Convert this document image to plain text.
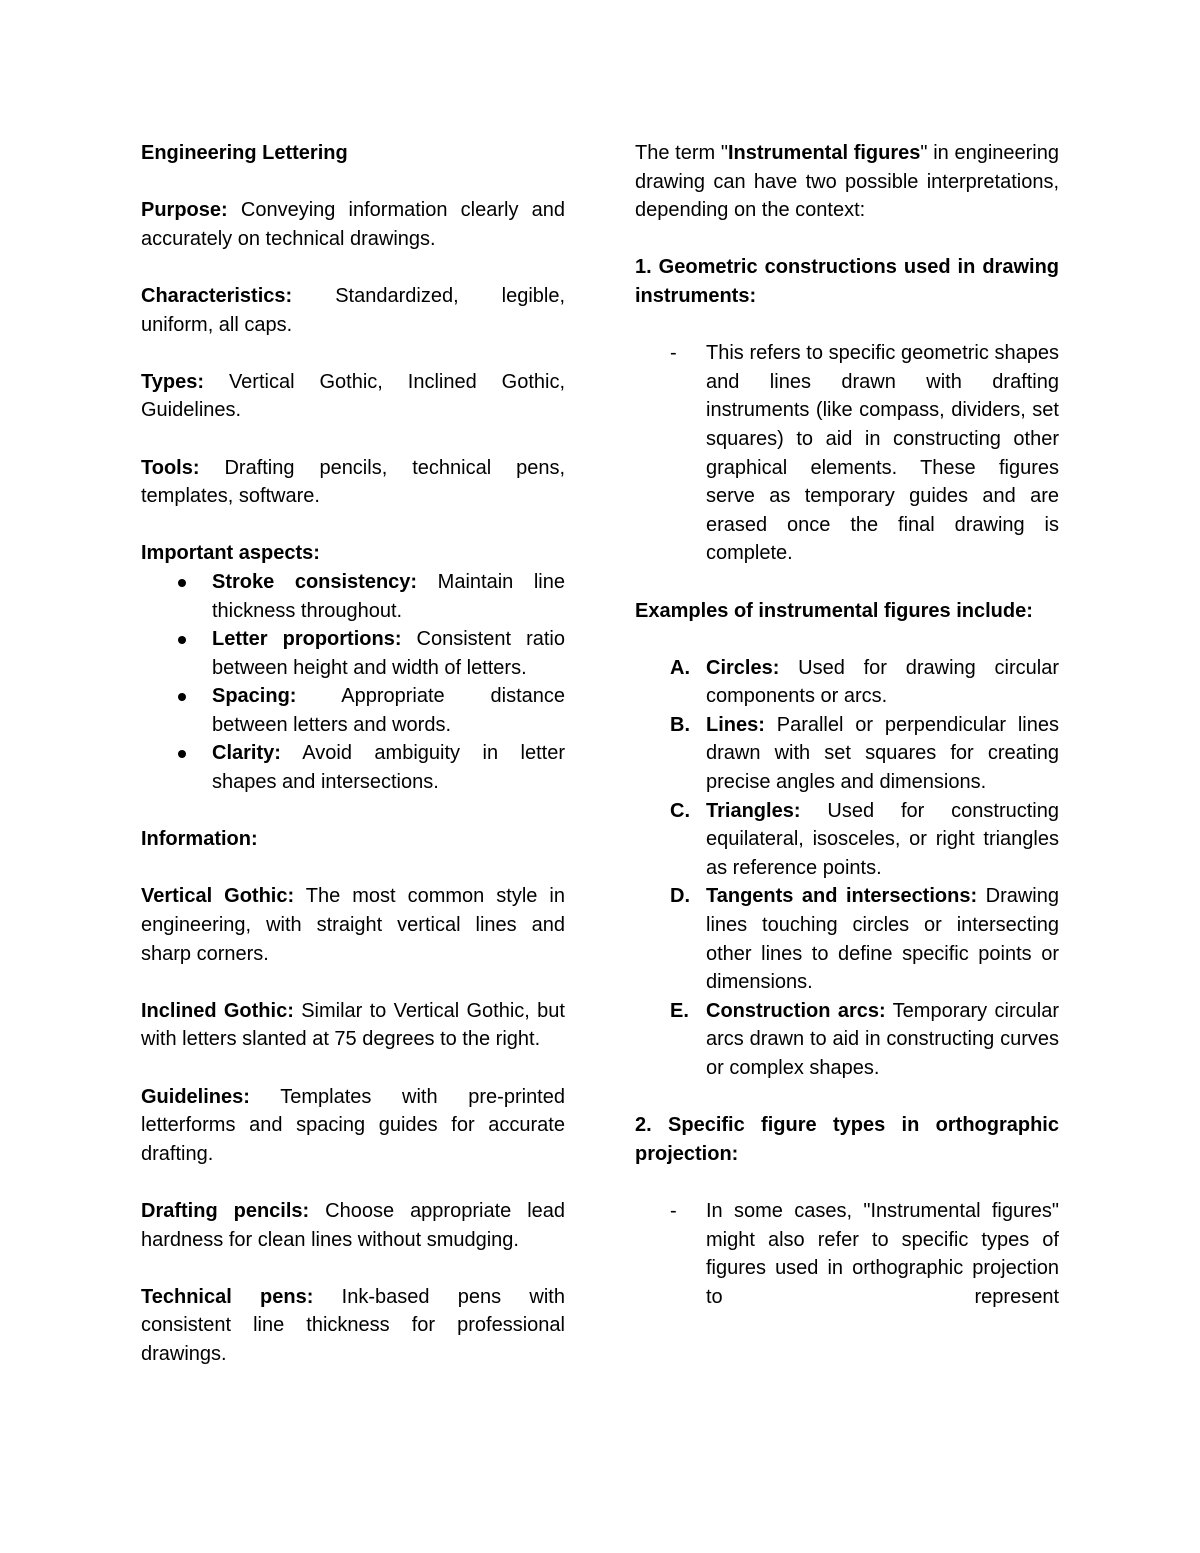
Engineering Lettering

Purpose: Conveying information clearly and accurately on technical drawings.

Characteristics: Standardized, legible, uniform, all caps.

Types: Vertical Gothic, Inclined Gothic, Guidelines.

Tools: Drafting pencils, technical pens, templates, software.

Important aspects:

Stroke consistency: Maintain line thickness throughout.
Letter proportions: Consistent ratio between height and width of letters.
Spacing: Appropriate distance between letters and words.
Clarity: Avoid ambiguity in letter shapes and intersections.

Information:

Vertical Gothic: The most common style in engineering, with straight vertical lines and sharp corners.

Inclined Gothic: Similar to Vertical Gothic, but with letters slanted at 75 degrees to the right.

Guidelines: Templates with pre-printed letterforms and spacing guides for accurate drafting.

Drafting pencils: Choose appropriate lead hardness for clean lines without smudging.

Technical pens: Ink-based pens with consistent line thickness for professional drawings.

The term "Instrumental figures" in engineering drawing can have two possible interpretations, depending on the context:

1. Geometric constructions used in drawing instruments:

- This refers to specific geometric shapes and lines drawn with drafting instruments (like compass, dividers, set squares) to aid in constructing other graphical elements. These figures serve as temporary guides and are erased once the final drawing is complete.

Examples of instrumental figures include:

A. Circles: Used for drawing circular components or arcs.
B. Lines: Parallel or perpendicular lines drawn with set squares for creating precise angles and dimensions.
C. Triangles: Used for constructing equilateral, isosceles, or right triangles as reference points.
D. Tangents and intersections: Drawing lines touching circles or intersecting other lines to define specific points or dimensions.
E. Construction arcs: Temporary circular arcs drawn to aid in constructing curves or complex shapes.

2. Specific figure types in orthographic projection:

- In some cases, "Instrumental figures" might also refer to specific types of figures used in orthographic projection to represent
